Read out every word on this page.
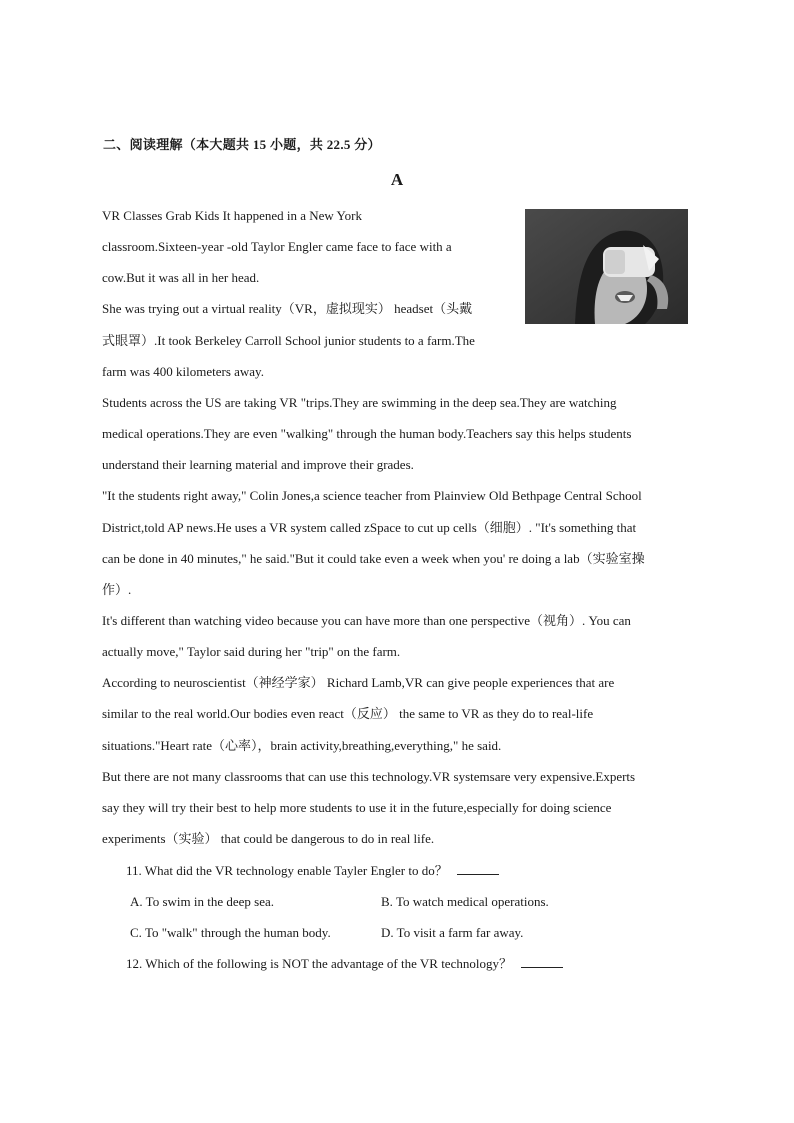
二、阅读理解（本大题共 15 小题，共 22.5 分）
A
VR Classes Grab Kids It happened in a New York
classroom.Sixteen-year -old Taylor Engler came face to face with a
cow.But it was all in her head.
She was trying out a virtual reality（VR，虚拟现实） headset（头戴
式眼罩）.It took Berkeley Carroll School junior students to a farm.The
farm was 400 kilometers away.
Students across the US are taking VR "trips.They are swimming in the deep sea.They are watching
medical operations.They are even "walking" through the human body.Teachers say this helps students
understand their learning material and improve their grades.
"It the students right away," Colin Jones,a science teacher from Plainview Old Bethpage Central School
District,told AP news.He uses a VR system called zSpace to cut up cells（细胞）. "It's something that
can be done in 40 minutes," he said."But it could take even a week when you' re doing a lab（实验室操
作）.
It's different than watching video because you can have more than one perspective（视角）. You can
actually move," Taylor said during her "trip" on the farm.
According to neuroscientist（神经学家） Richard Lamb,VR can give people experiences that are
similar to the real world.Our bodies even react（反应） the same to VR as they do to real-life
situations."Heart rate（心率），brain activity,breathing,everything," he said.
But there are not many classrooms that can use this technology.VR systemsare very expensive.Experts
say they will try their best to help more students to use it in the future,especially for doing science
experiments（实验） that could be dangerous to do in real life.
11. What did the VR technology enable Tayler Engler to do？
A. To swim in the deep sea.	B. To watch medical operations.
C. To "walk" through the human body.	D. To visit a farm far away.
12. Which of the following is NOT the advantage of the VR technology？
